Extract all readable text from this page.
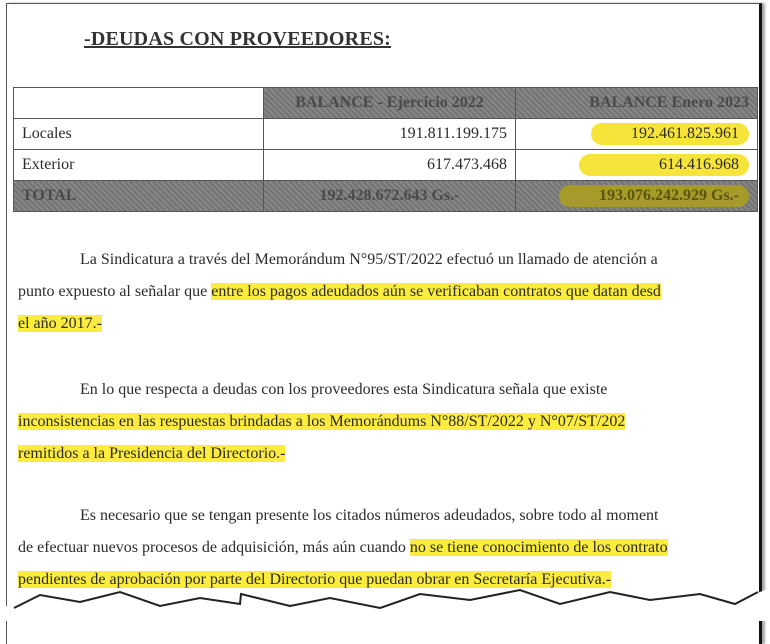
-DEUDAS CON PROVEEDORES:
	BALANCE - Ejercicio 2022	BALANCE Enero 2023
Locales	191.811.199.175	192.461.825.961
Exterior	617.473.468	614.416.968
TOTAL	192.428.672.643 Gs.-	193.076.242.929 Gs.-
La Sindicatura a través del Memorándum N°95/ST/2022 efectuó un llamado de atención a
punto expuesto al señalar que entre los pagos adeudados aún se verificaban contratos que datan desd
el año 2017.-
En lo que respecta a deudas con los proveedores esta Sindicatura señala que existe
inconsistencias en las respuestas brindadas a los Memorándums N°88/ST/2022 y N°07/ST/202
remitidos a la Presidencia del Directorio.-
Es necesario que se tengan presente los citados números adeudados, sobre todo al moment
de efectuar nuevos procesos de adquisición, más aún cuando no se tiene conocimiento de los contrato
pendientes de aprobación por parte del Directorio que puedan obrar en Secretaría Ejecutiva.-
